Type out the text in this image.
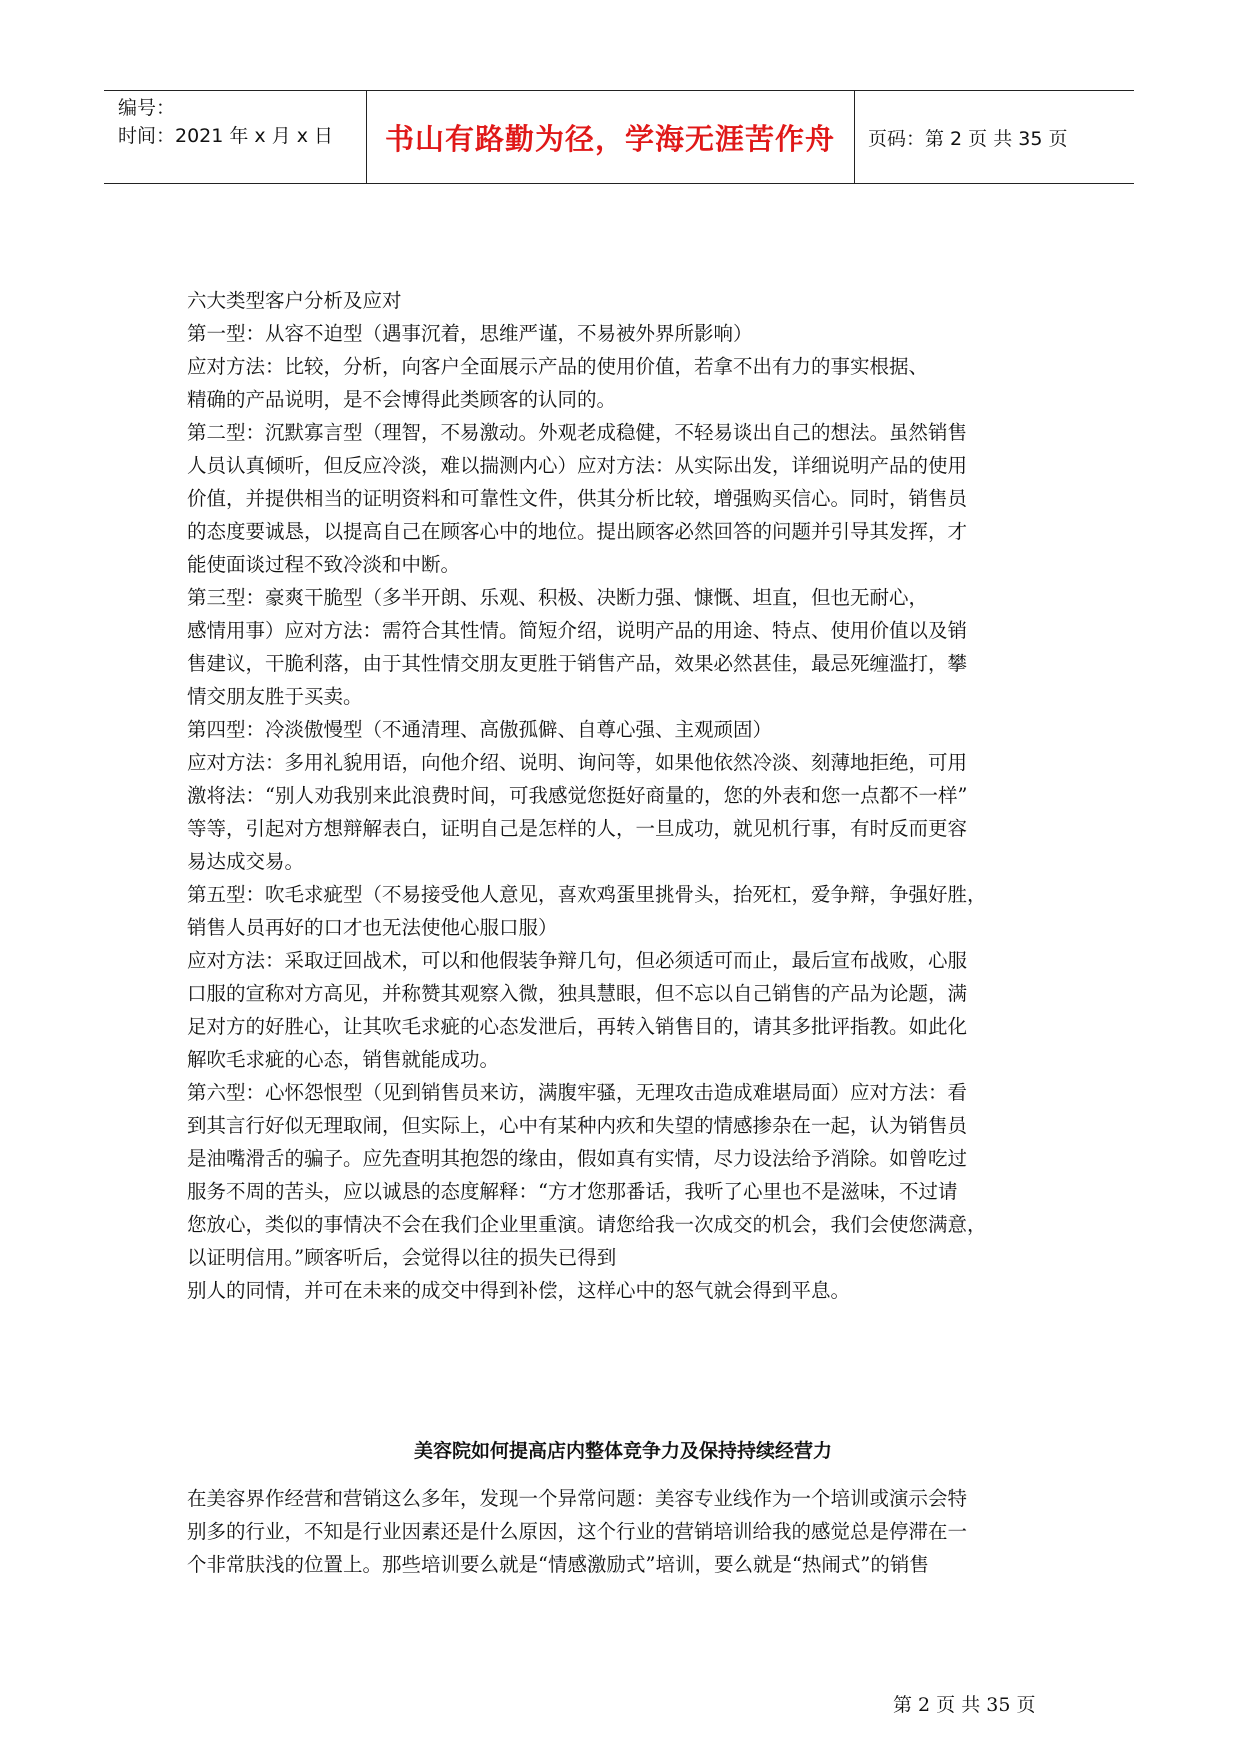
编号：
时间：2021 年 x 月 x 日	书山有路勤为径，学海无涯苦作舟	页码：第 2 页 共 35 页

六大类型客户分析及应对
第一型：从容不迫型（遇事沉着，思维严谨，不易被外界所影响）
应对方法：比较，分析，向客户全面展示产品的使用价值，若拿不出有力的事实根据、
精确的产品说明，是不会博得此类顾客的认同的。
第二型：沉默寡言型（理智，不易激动。外观老成稳健，不轻易谈出自己的想法。虽然销售
人员认真倾听，但反应冷淡，难以揣测内心）应对方法：从实际出发，详细说明产品的使用
价值，并提供相当的证明资料和可靠性文件，供其分析比较，增强购买信心。同时，销售员
的态度要诚恳，以提高自己在顾客心中的地位。提出顾客必然回答的问题并引导其发挥，才
能使面谈过程不致冷淡和中断。
第三型：豪爽干脆型（多半开朗、乐观、积极、决断力强、慷慨、坦直，但也无耐心，
感情用事）应对方法：需符合其性情。简短介绍，说明产品的用途、特点、使用价值以及销
售建议，干脆利落，由于其性情交朋友更胜于销售产品，效果必然甚佳，最忌死缠滥打，攀
情交朋友胜于买卖。
第四型：冷淡傲慢型（不通清理、高傲孤僻、自尊心强、主观顽固）
应对方法：多用礼貌用语，向他介绍、说明、询问等，如果他依然冷淡、刻薄地拒绝，可用
激将法：“别人劝我别来此浪费时间，可我感觉您挺好商量的，您的外表和您一点都不一样”
等等，引起对方想辩解表白，证明自己是怎样的人，一旦成功，就见机行事，有时反而更容
易达成交易。
第五型：吹毛求疵型（不易接受他人意见，喜欢鸡蛋里挑骨头，抬死杠，爱争辩，争强好胜，
销售人员再好的口才也无法使他心服口服）
应对方法：采取迂回战术，可以和他假装争辩几句，但必须适可而止，最后宣布战败，心服
口服的宣称对方高见，并称赞其观察入微，独具慧眼，但不忘以自己销售的产品为论题，满
足对方的好胜心，让其吹毛求疵的心态发泄后，再转入销售目的，请其多批评指教。如此化
解吹毛求疵的心态，销售就能成功。
第六型：心怀怨恨型（见到销售员来访，满腹牢骚，无理攻击造成难堪局面）应对方法：看
到其言行好似无理取闹，但实际上，心中有某种内疚和失望的情感掺杂在一起，认为销售员
是油嘴滑舌的骗子。应先查明其抱怨的缘由，假如真有实情，尽力设法给予消除。如曾吃过
服务不周的苦头，应以诚恳的态度解释：“方才您那番话，我听了心里也不是滋味，不过请
您放心，类似的事情决不会在我们企业里重演。请您给我一次成交的机会，我们会使您满意，
以证明信用。”顾客听后，会觉得以往的损失已得到
别人的同情，并可在未来的成交中得到补偿，这样心中的怒气就会得到平息。

美容院如何提高店内整体竞争力及保持持续经营力

在美容界作经营和营销这么多年，发现一个异常问题：美容专业线作为一个培训或演示会特
别多的行业，不知是行业因素还是什么原因，这个行业的营销培训给我的感觉总是停滞在一
个非常肤浅的位置上。那些培训要么就是“情感激励式”培训，要么就是“热闹式”的销售

第 2 页 共 35 页
